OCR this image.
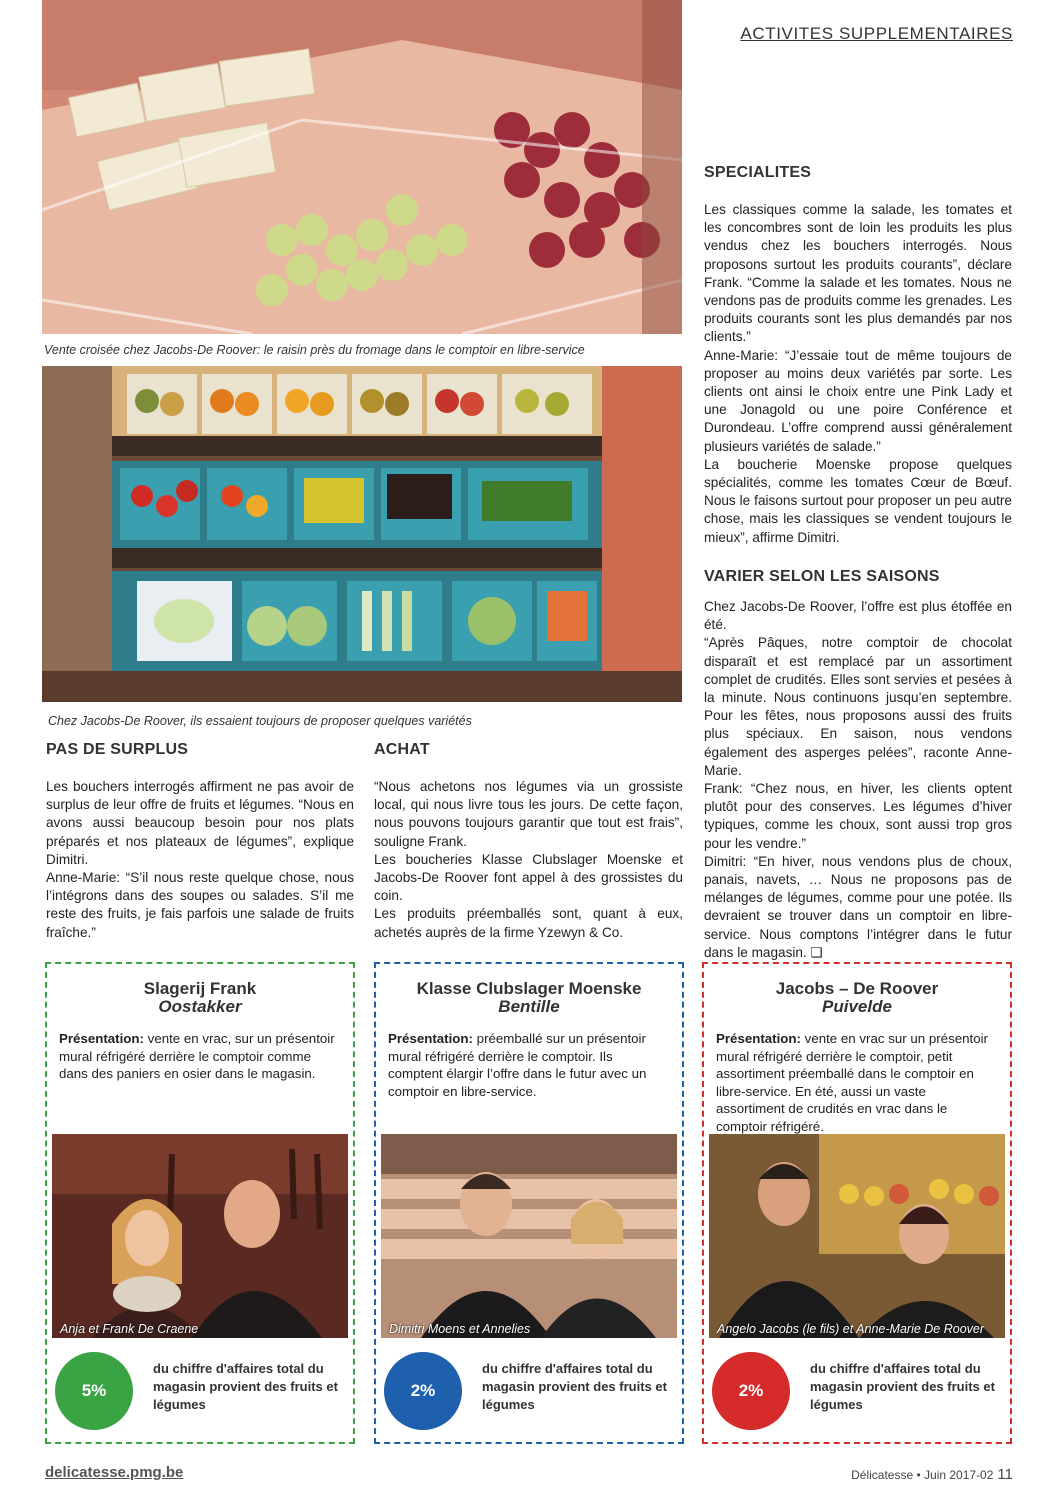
ACTIVITES SUPPLEMENTAIRES
Vente croisée chez Jacobs-De Roover: le raisin près du fromage dans le comptoir en libre-service
Chez Jacobs-De Roover, ils essaient toujours de proposer quelques variétés
PAS DE SURPLUS

Les bouchers interrogés affirment ne pas avoir de surplus de leur offre de fruits et légumes. “Nous en avons aussi beaucoup besoin pour nos plats préparés et nos plateaux de légumes”, explique Dimitri.

Anne-Marie: “S’il nous reste quelque chose, nous l’intégrons dans des soupes ou salades. S’il me reste des fruits, je fais parfois une salade de fruits fraîche.”

ACHAT

“Nous achetons nos légumes via un grossiste local, qui nous livre tous les jours. De cette façon, nous pouvons toujours garantir que tout est frais”, souligne Frank.

Les boucheries Klasse Clubslager Moenske et Jacobs-De Roover font appel à des grossistes du coin.

Les produits préemballés sont, quant à eux, achetés auprès de la firme Yzewyn & Co.

SPECIALITES

Les classiques comme la salade, les tomates et les concombres sont de loin les produits les plus vendus chez les bouchers interrogés. Nous proposons surtout les produits courants”, déclare Frank. “Comme la salade et les tomates. Nous ne vendons pas de produits comme les grenades. Les produits courants sont les plus demandés par nos clients.”

Anne-Marie: “J’essaie tout de même toujours de proposer au moins deux variétés par sorte. Les clients ont ainsi le choix entre une Pink Lady et une Jonagold ou une poire Conférence et Durondeau. L’offre comprend aussi généralement plusieurs variétés de salade.”

La boucherie Moenske propose quelques spécialités, comme les tomates Cœur de Bœuf. Nous le faisons surtout pour proposer un peu autre chose, mais les classiques se vendent toujours le mieux”, affirme Dimitri.

VARIER SELON LES SAISONS

Chez Jacobs-De Roover, l’offre est plus étoffée en été.

“Après Pâques, notre comptoir de chocolat disparaît et est remplacé par un assortiment complet de crudités. Elles sont servies et pesées à la minute. Nous continuons jusqu’en septembre. Pour les fêtes, nous proposons aussi des fruits plus spéciaux. En saison, nous vendons également des asperges pelées”, raconte Anne-Marie.

Frank: “Chez nous, en hiver, les clients optent plutôt pour des conserves. Les légumes d’hiver typiques, comme les choux, sont aussi trop gros pour les vendre.”

Dimitri: “En hiver, nous vendons plus de choux, panais, navets, … Nous ne proposons pas de mélanges de légumes, comme pour une potée. Ils devraient se trouver dans un comptoir en libre-service. Nous comptons l’intégrer dans le futur dans le magasin. ❑

Slagerij Frank
Oostakker
Présentation: vente en vrac, sur un présentoir mural réfrigéré derrière le comptoir comme dans des paniers en osier dans le magasin.
Anja et Frank De Craene
5%
du chiffre d'affaires total du magasin provient des fruits et légumes
Klasse Clubslager Moenske
Bentille
Présentation: préemballé sur un présentoir mural réfrigéré derrière le comptoir. Ils comptent élargir l’offre dans le futur avec un comptoir en libre-service.
Dimitri Moens et Annelies
2%
du chiffre d'affaires total du magasin provient des fruits et légumes
Jacobs – De Roover
Puivelde
Présentation: vente en vrac sur un présentoir mural réfrigéré derrière le comptoir, petit assortiment préemballé dans le comptoir en libre-service. En été, aussi un vaste assortiment de crudités en vrac dans le comptoir réfrigéré.
Angelo Jacobs (le fils) et Anne-Marie De Roover
2%
du chiffre d'affaires total du magasin provient des fruits et légumes
delicatesse.pmg.be	Délicatesse • Juin 2017-02 11
